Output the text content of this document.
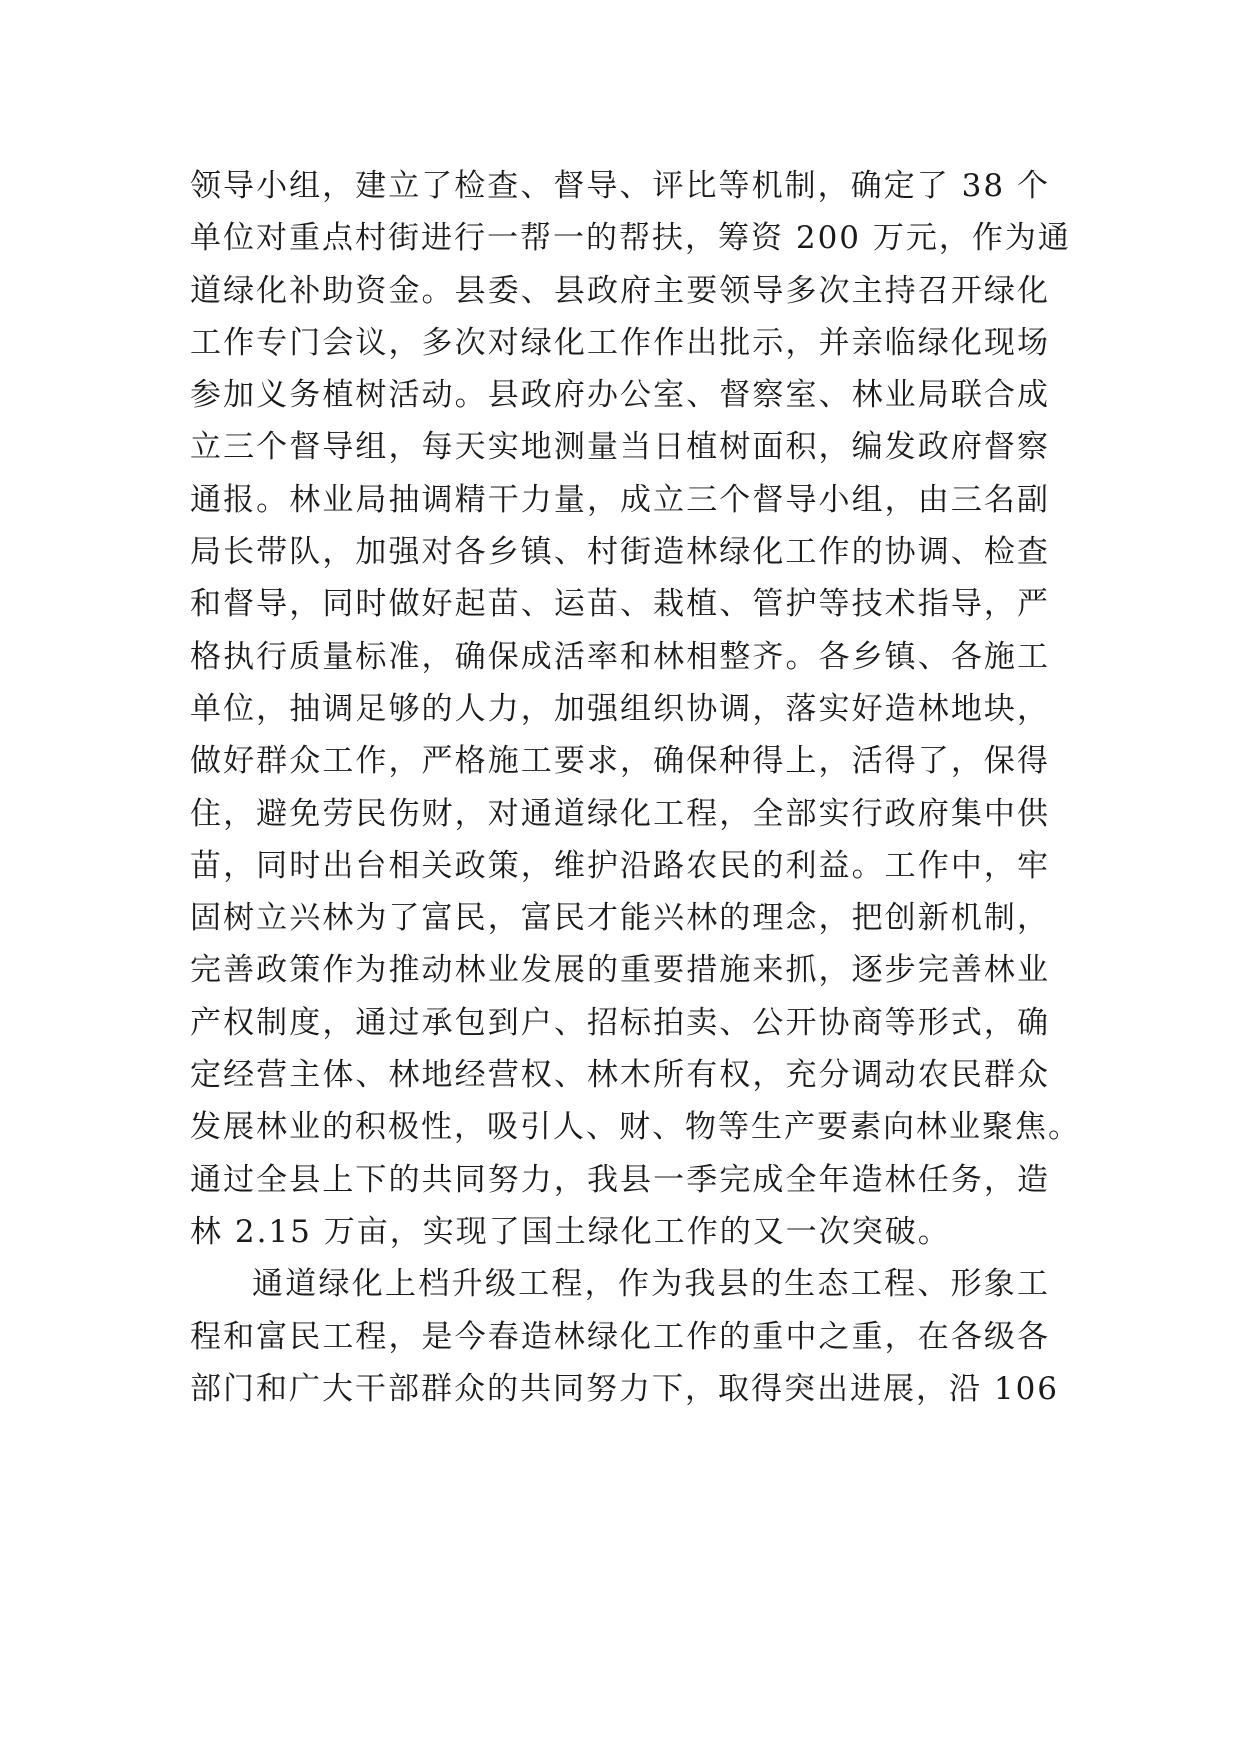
领导小组，建立了检查、督导、评比等机制，确定了 38 个
单位对重点村街进行一帮一的帮扶，筹资 200 万元，作为通
道绿化补助资金。县委、县政府主要领导多次主持召开绿化
工作专门会议，多次对绿化工作作出批示，并亲临绿化现场
参加义务植树活动。县政府办公室、督察室、林业局联合成
立三个督导组，每天实地测量当日植树面积，编发政府督察
通报。林业局抽调精干力量，成立三个督导小组，由三名副
局长带队，加强对各乡镇、村街造林绿化工作的协调、检查
和督导，同时做好起苗、运苗、栽植、管护等技术指导，严
格执行质量标准，确保成活率和林相整齐。各乡镇、各施工
单位，抽调足够的人力，加强组织协调，落实好造林地块，
做好群众工作，严格施工要求，确保种得上，活得了，保得
住，避免劳民伤财，对通道绿化工程，全部实行政府集中供
苗，同时出台相关政策，维护沿路农民的利益。工作中，牢
固树立兴林为了富民，富民才能兴林的理念，把创新机制，
完善政策作为推动林业发展的重要措施来抓，逐步完善林业
产权制度，通过承包到户、招标拍卖、公开协商等形式，确
定经营主体、林地经营权、林木所有权，充分调动农民群众
发展林业的积极性，吸引人、财、物等生产要素向林业聚焦。
通过全县上下的共同努力，我县一季完成全年造林任务，造
林 2.15 万亩，实现了国土绿化工作的又一次突破。
通道绿化上档升级工程，作为我县的生态工程、形象工
程和富民工程，是今春造林绿化工作的重中之重，在各级各
部门和广大干部群众的共同努力下，取得突出进展，沿 106
